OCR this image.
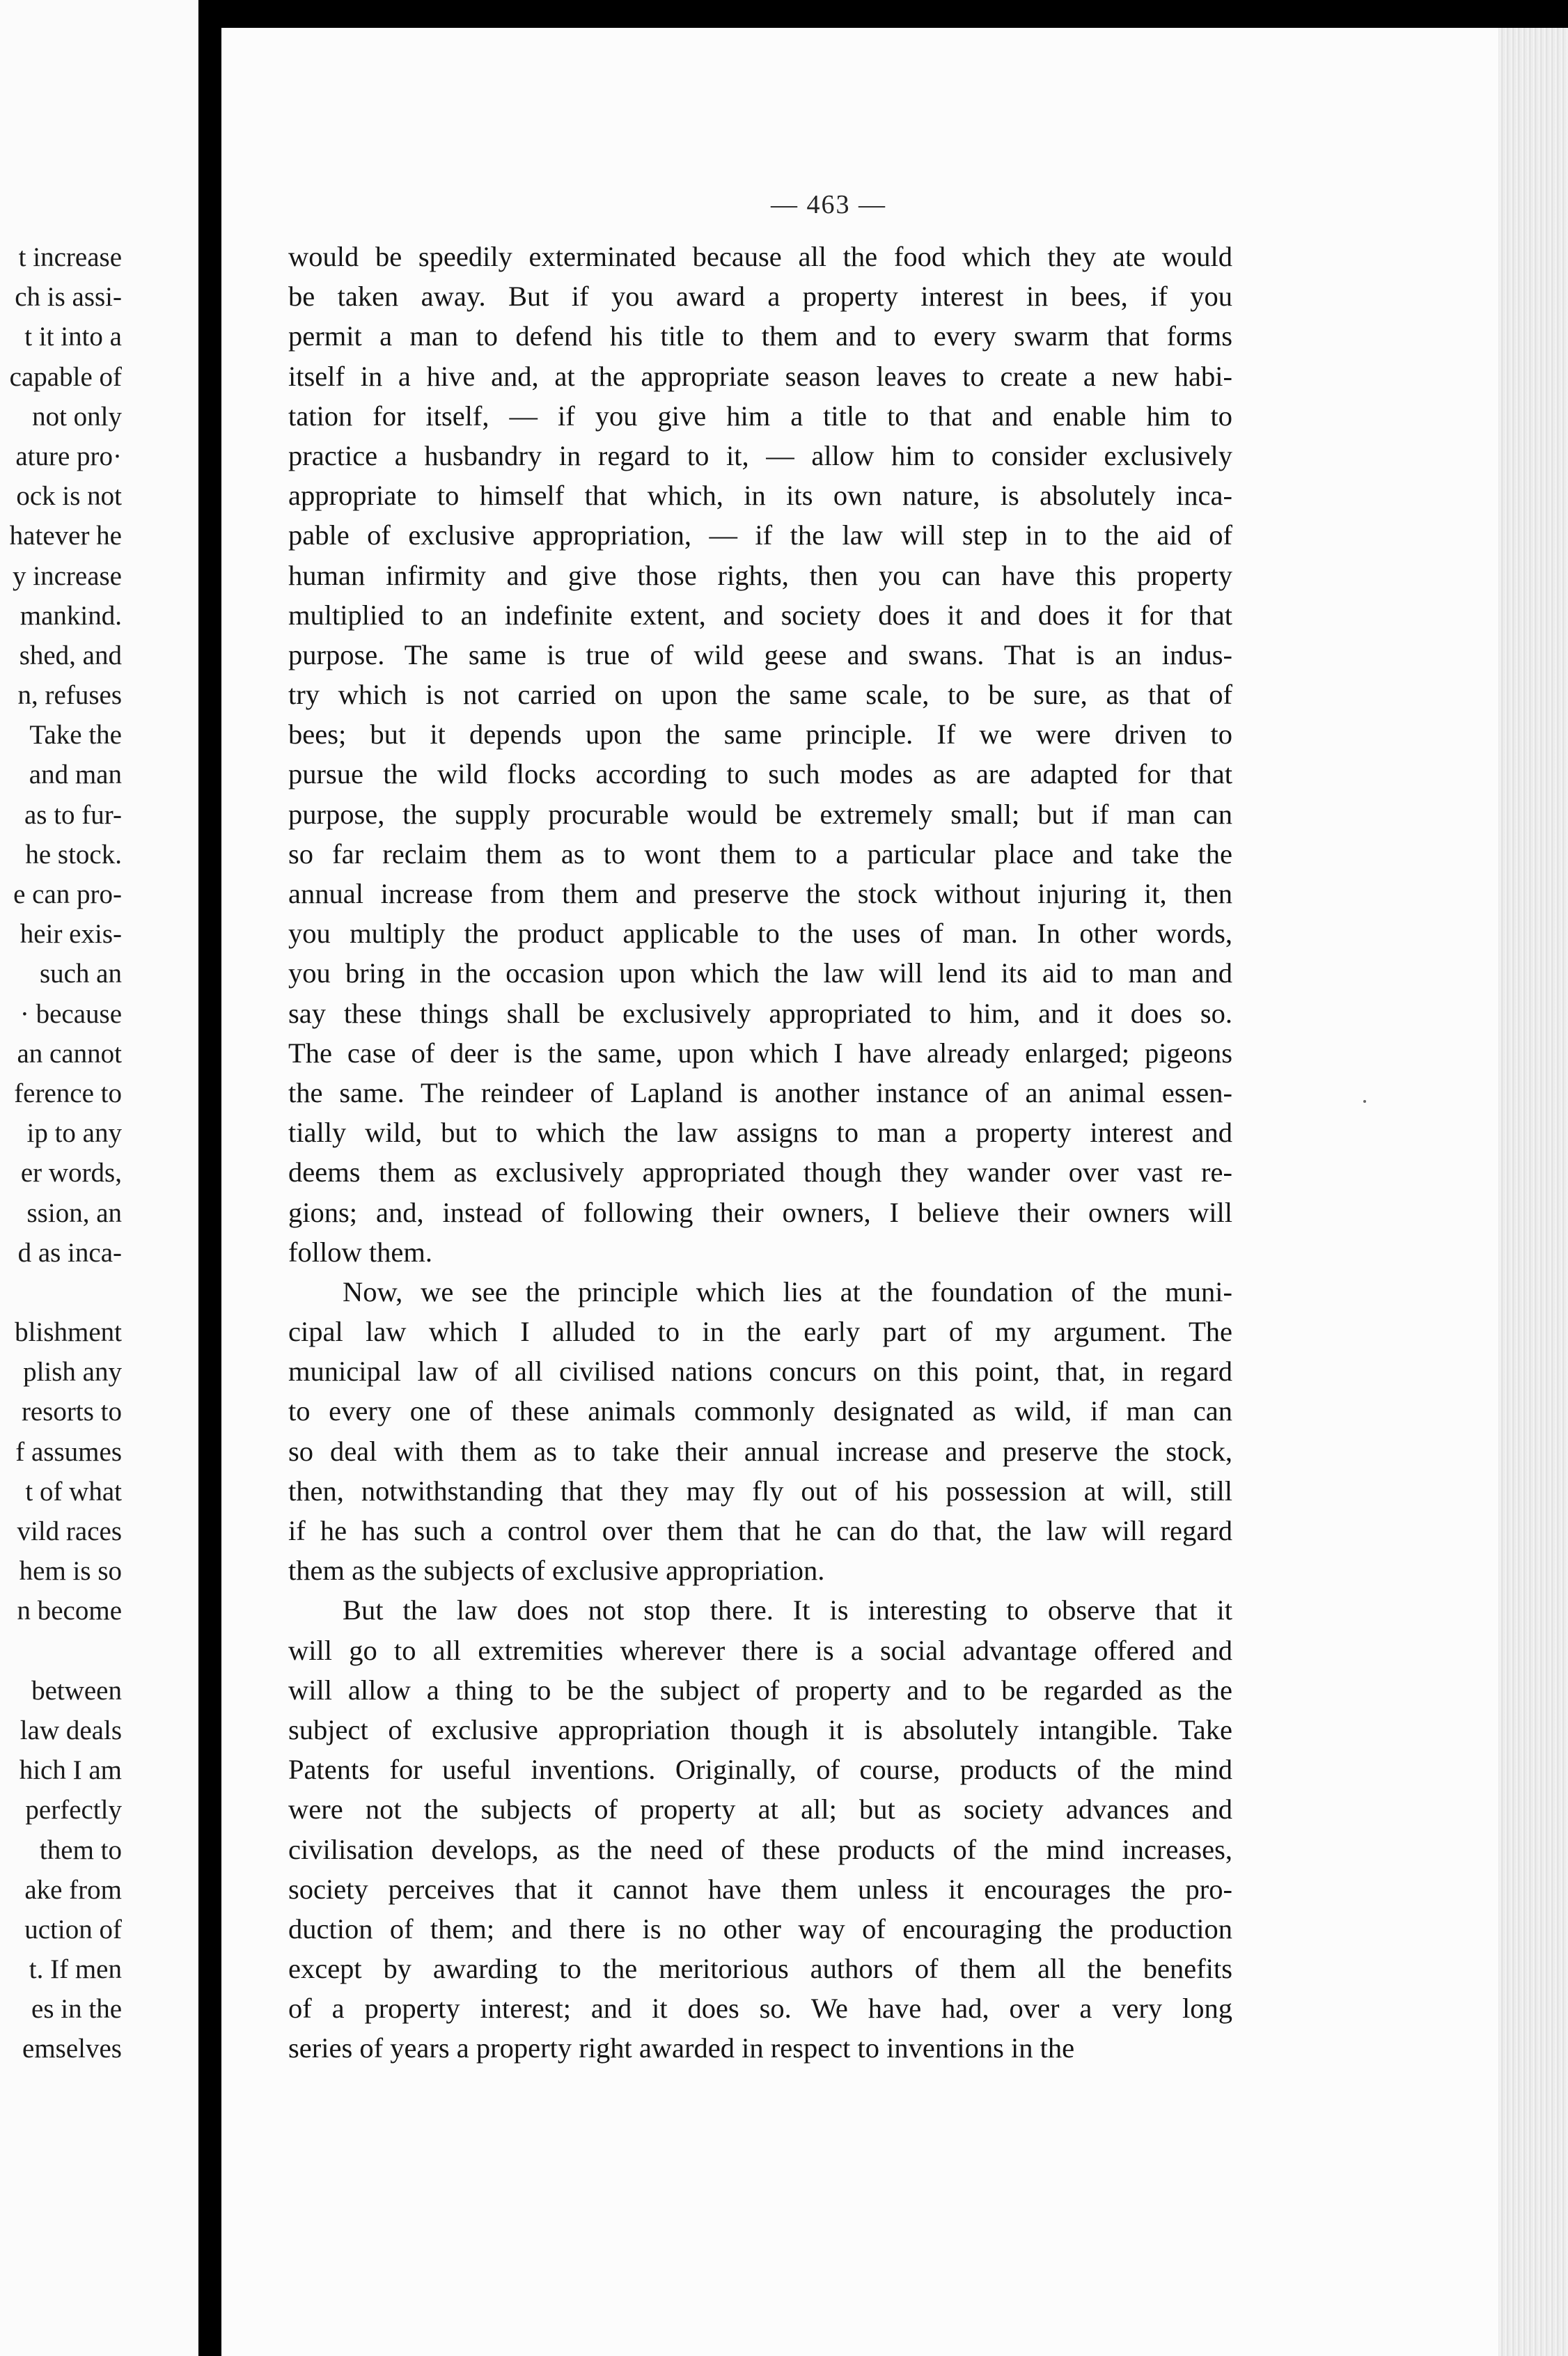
t increase
ch is assi-
t it into a
capable of
not only
ature pro·
ock is not
hatever he
y increase
mankind.
shed, and
n, refuses
Take the
and man
as to fur-
he stock.
e can pro-
heir exis-
such an
· because
an cannot
ference to
ip to any
er words,
ssion, an
d as inca-
blishment
plish any
resorts to
f assumes
t of what
vild races
hem is so
n become
between
law deals
hich I am
perfectly
them to
ake from
uction of
t. If men
es in the
emselves
— 463 —
would be speedily exterminated because all the food which they ate would
be taken away. But if you award a property interest in bees, if you
permit a man to defend his title to them and to every swarm that forms
itself in a hive and, at the appropriate season leaves to create a new habi-
tation for itself, — if you give him a title to that and enable him to
practice a husbandry in regard to it, — allow him to consider exclusively
appropriate to himself that which, in its own nature, is absolutely inca-
pable of exclusive appropriation, — if the law will step in to the aid of
human infirmity and give those rights, then you can have this property
multiplied to an indefinite extent, and society does it and does it for that
purpose. The same is true of wild geese and swans. That is an indus-
try which is not carried on upon the same scale, to be sure, as that of
bees; but it depends upon the same principle. If we were driven to
pursue the wild flocks according to such modes as are adapted for that
purpose, the supply procurable would be extremely small; but if man can
so far reclaim them as to wont them to a particular place and take the
annual increase from them and preserve the stock without injuring it, then
you multiply the product applicable to the uses of man. In other words,
you bring in the occasion upon which the law will lend its aid to man and
say these things shall be exclusively appropriated to him, and it does so.
The case of deer is the same, upon which I have already enlarged; pigeons
the same. The reindeer of Lapland is another instance of an animal essen-
tially wild, but to which the law assigns to man a property interest and
deems them as exclusively appropriated though they wander over vast re-
gions; and, instead of following their owners, I believe their owners will
follow them.
Now, we see the principle which lies at the foundation of the muni-
cipal law which I alluded to in the early part of my argument. The
municipal law of all civilised nations concurs on this point, that, in regard
to every one of these animals commonly designated as wild, if man can
so deal with them as to take their annual increase and preserve the stock,
then, notwithstanding that they may fly out of his possession at will, still
if he has such a control over them that he can do that, the law will regard
them as the subjects of exclusive appropriation.
But the law does not stop there. It is interesting to observe that it
will go to all extremities wherever there is a social advantage offered and
will allow a thing to be the subject of property and to be regarded as the
subject of exclusive appropriation though it is absolutely intangible. Take
Patents for useful inventions. Originally, of course, products of the mind
were not the subjects of property at all; but as society advances and
civilisation develops, as the need of these products of the mind increases,
society perceives that it cannot have them unless it encourages the pro-
duction of them; and there is no other way of encouraging the production
except by awarding to the meritorious authors of them all the benefits
of a property interest; and it does so. We have had, over a very long
series of years a property right awarded in respect to inventions in the
